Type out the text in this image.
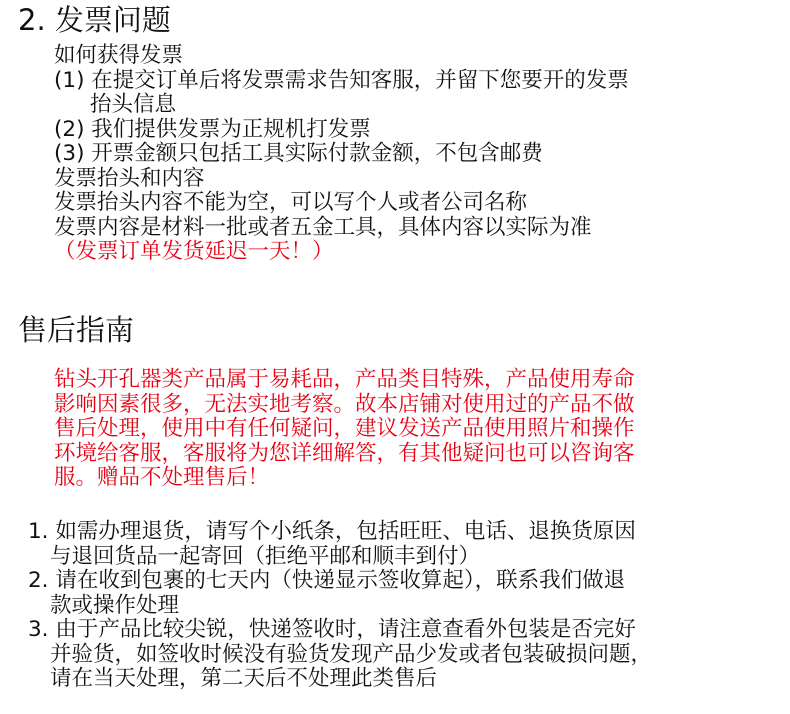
2. 发票问题
如何获得发票
(1) 在提交订单后将发票需求告知客服，并留下您要开的发票
抬头信息
(2) 我们提供发票为正规机打发票
(3) 开票金额只包括工具实际付款金额，不包含邮费
发票抬头和内容
发票抬头内容不能为空，可以写个人或者公司名称
发票内容是材料一批或者五金工具，具体内容以实际为准
（发票订单发货延迟一天！）
售后指南
钻头开孔器类产品属于易耗品，产品类目特殊，产品使用寿命
影响因素很多，无法实地考察。故本店铺对使用过的产品不做
售后处理，使用中有任何疑问，建议发送产品使用照片和操作
环境给客服，客服将为您详细解答，有其他疑问也可以咨询客
服。赠品不处理售后！
1. 如需办理退货，请写个小纸条，包括旺旺、电话、退换货原因
与退回货品一起寄回（拒绝平邮和顺丰到付）
2. 请在收到包裹的七天内（快递显示签收算起），联系我们做退
款或操作处理
3. 由于产品比较尖锐，快递签收时，请注意查看外包装是否完好
并验货，如签收时候没有验货发现产品少发或者包装破损问题，
请在当天处理，第二天后不处理此类售后
